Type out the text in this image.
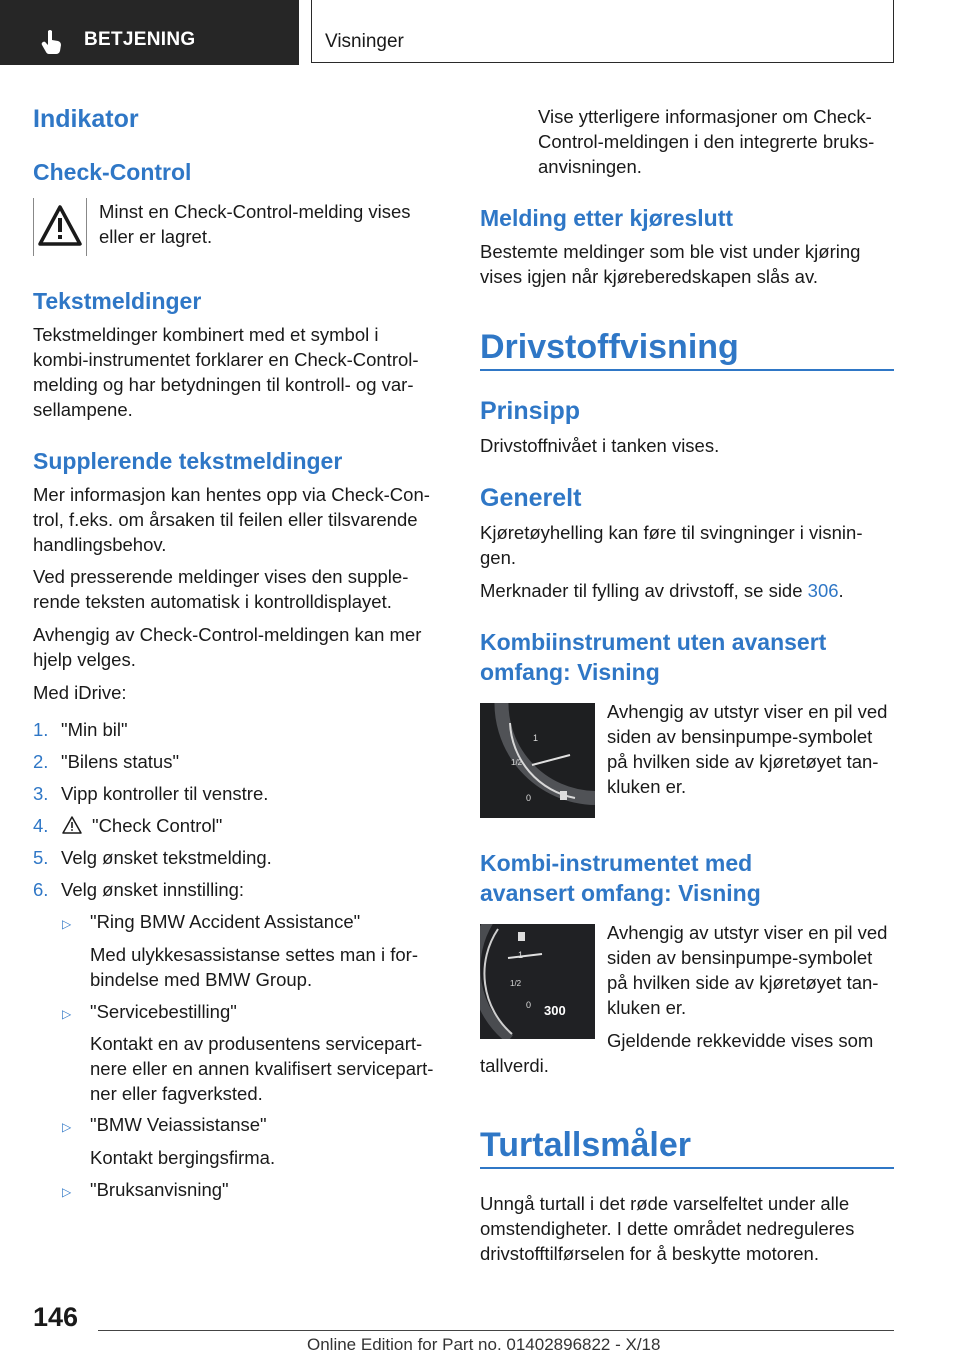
BETJENING	Visninger
Indikator
Check-Control
Minst en Check-Control-melding vises
eller er lagret.
Tekstmeldinger
Tekstmeldinger kombinert med et symbol i
kombi-instrumentet forklarer en Check-Control-
melding og har betydningen til kontroll- og var-
sellampene.
Supplerende tekstmeldinger
Mer informasjon kan hentes opp via Check-Con-
trol, f.eks. om årsaken til feilen eller tilsvarende
handlingsbehov.
Ved presserende meldinger vises den supple-
rende teksten automatisk i kontrolldisplayet.
Avhengig av Check-Control-meldingen kan mer
hjelp velges.
Med iDrive:
1. "Min bil"
2. "Bilens status"
3. Vipp kontroller til venstre.
4. "Check Control"
5. Velg ønsket tekstmelding.
6. Velg ønsket innstilling:
▷ "Ring BMW Accident Assistance"
Med ulykkesassistanse settes man i for-
bindelse med BMW Group.
▷ "Servicebestilling"
Kontakt en av produsentens servicepart-
nere eller en annen kvalifisert servicepart-
ner eller fagverksted.
▷ "BMW Veiassistanse"
Kontakt bergingsfirma.
▷ "Bruksanvisning"
Vise ytterligere informasjoner om Check-
Control-meldingen i den integrerte bruks-
anvisningen.
Melding etter kjøreslutt
Bestemte meldinger som ble vist under kjøring
vises igjen når kjøreberedskapen slås av.
Drivstoffvisning
Prinsipp
Drivstoffnivået i tanken vises.
Generelt
Kjøretøyhelling kan føre til svingninger i visnin-
gen.
Merknader til fylling av drivstoff, se side 306.
Kombiinstrument uten avansert
omfang: Visning
1
1/2
0
Avhengig av utstyr viser en pil ved
siden av bensinpumpe-symbolet
på hvilken side av kjøretøyet tan-
kluken er.
Kombi-instrumentet med
avansert omfang: Visning
1
1/2
0 300
Avhengig av utstyr viser en pil ved
siden av bensinpumpe-symbolet
på hvilken side av kjøretøyet tan-
kluken er.
Gjeldende rekkevidde vises som
tallverdi.
Turtallsmåler
Unngå turtall i det røde varselfeltet under alle
omstendigheter. I dette området nedreguleres
drivstofftilførselen for å beskytte motoren.
146
Online Edition for Part no. 01402896822 - X/18
